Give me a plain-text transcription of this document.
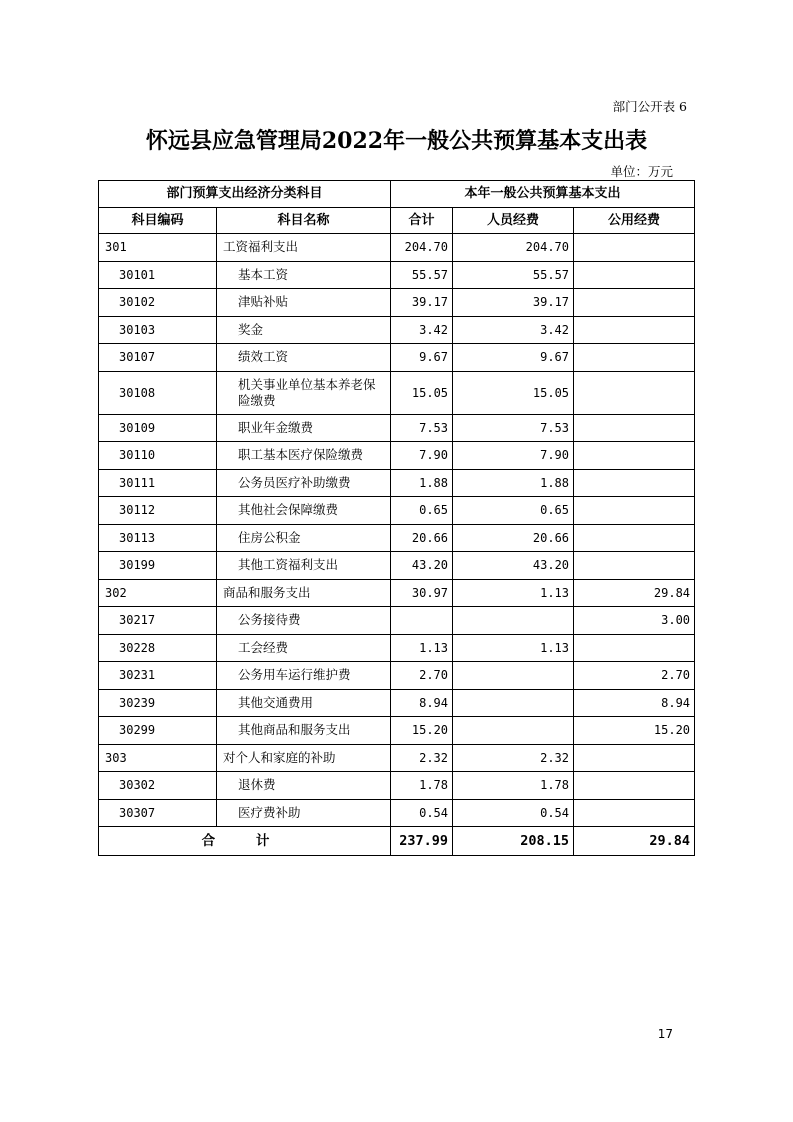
部门公开表 6
怀远县应急管理局2022年一般公共预算基本支出表
单位：万元
部门预算支出经济分类科目		本年一般公共预算基本支出		
科目编码	科目名称	合计	人员经费	公用经费
301	工资福利支出	204.70	204.70	
30101	基本工资	55.57	55.57	
30102	津贴补贴	39.17	39.17	
30103	奖金	3.42	3.42	
30107	绩效工资	9.67	9.67	
30108	机关事业单位基本养老保险缴费	15.05	15.05	
30109	职业年金缴费	7.53	7.53	
30110	职工基本医疗保险缴费	7.90	7.90	
30111	公务员医疗补助缴费	1.88	1.88	
30112	其他社会保障缴费	0.65	0.65	
30113	住房公积金	20.66	20.66	
30199	其他工资福利支出	43.20	43.20	
302	商品和服务支出	30.97	1.13	29.84
30217	公务接待费			3.00
30228	工会经费	1.13	1.13	
30231	公务用车运行维护费	2.70		2.70
30239	其他交通费用	8.94		8.94
30299	其他商品和服务支出	15.20		15.20
303	对个人和家庭的补助	2.32	2.32	
30302	退休费	1.78	1.78	
30307	医疗费补助	0.54	0.54	
合 计		237.99	208.15	29.84
17
